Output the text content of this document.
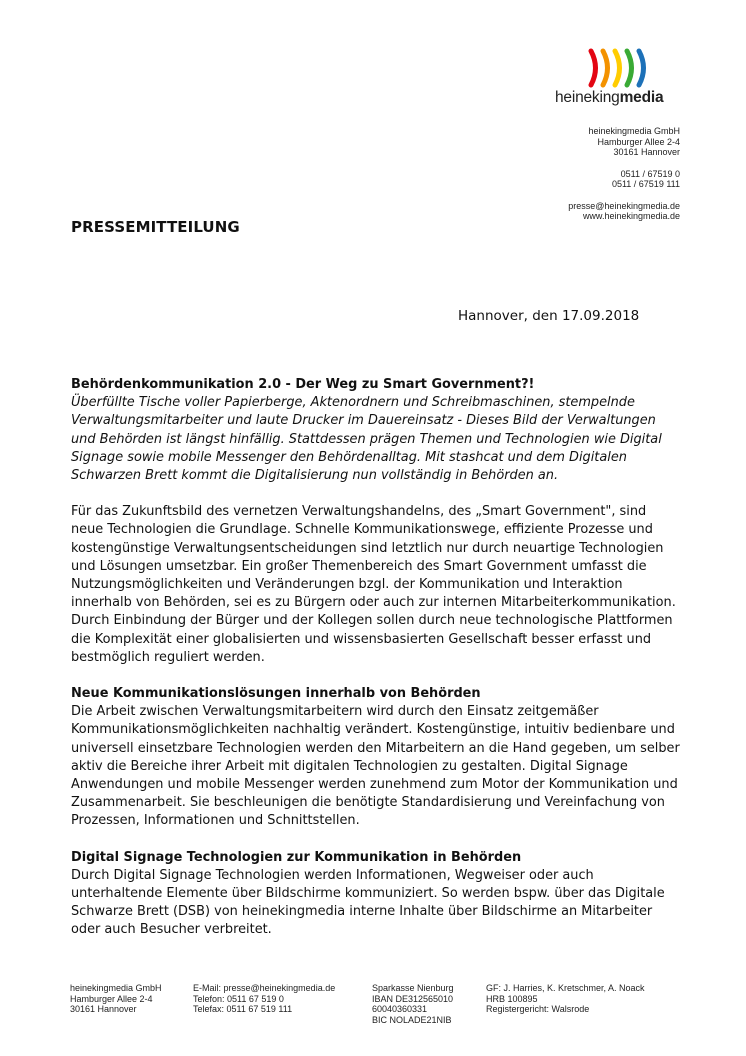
heinekingmedia
heinekingmedia GmbH
Hamburger Allee 2-4
30161 Hannover
0511 / 67519 0
0511 / 67519 111
presse@heinekingmedia.de
www.heinekingmedia.de
PRESSEMITTEILUNG
Hannover, den 17.09.2018

Behördenkommunikation 2.0 - Der Weg zu Smart Government?!

Überfüllte Tische voller Papierberge, Aktenordnern und Schreibmaschinen, stempelnde Verwaltungsmitarbeiter und laute Drucker im Dauereinsatz - Dieses Bild der Verwaltungen und Behörden ist längst hinfällig. Stattdessen prägen Themen und Technologien wie Digital Signage sowie mobile Messenger den Behördenalltag. Mit stashcat und dem Digitalen Schwarzen Brett kommt die Digitalisierung nun vollständig in Behörden an.

Für das Zukunftsbild des vernetzen Verwaltungshandelns, des „Smart Government", sind neue Technologien die Grundlage. Schnelle Kommunikationswege, effiziente Prozesse und kostengünstige Verwaltungsentscheidungen sind letztlich nur durch neuartige Technologien und Lösungen umsetzbar. Ein großer Themenbereich des Smart Government umfasst die Nutzungsmöglichkeiten und Veränderungen bzgl. der Kommunikation und Interaktion innerhalb von Behörden, sei es zu Bürgern oder auch zur internen Mitarbeiterkommunikation. Durch Einbindung der Bürger und der Kollegen sollen durch neue technologische Plattformen die Komplexität einer globalisierten und wissensbasierten Gesellschaft besser erfasst und bestmöglich reguliert werden.

Neue Kommunikationslösungen innerhalb von Behörden

Die Arbeit zwischen Verwaltungsmitarbeitern wird durch den Einsatz zeitgemäßer Kommunikationsmöglichkeiten nachhaltig verändert. Kostengünstige, intuitiv bedienbare und universell einsetzbare Technologien werden den Mitarbeitern an die Hand gegeben, um selber aktiv die Bereiche ihrer Arbeit mit digitalen Technologien zu gestalten. Digital Signage Anwendungen und mobile Messenger werden zunehmend zum Motor der Kommunikation und Zusammenarbeit. Sie beschleunigen die benötigte Standardisierung und Vereinfachung von Prozessen, Informationen und Schnittstellen.

Digital Signage Technologien zur Kommunikation in Behörden

Durch Digital Signage Technologien werden Informationen, Wegweiser oder auch unterhaltende Elemente über Bildschirme kommuniziert. So werden bspw. über das Digitale Schwarze Brett (DSB) von heinekingmedia interne Inhalte über Bildschirme an Mitarbeiter oder auch Besucher verbreitet.

heinekingmedia GmbH
Hamburger Allee 2-4
30161 Hannover
E-Mail: presse@heinekingmedia.de
Telefon: 0511 67 519 0
Telefax: 0511 67 519 111
Sparkasse Nienburg
IBAN DE312565010
60040360331
BIC NOLADE21NIB
GF: J. Harries, K. Kretschmer, A. Noack
HRB 100895
Registergericht: Walsrode
